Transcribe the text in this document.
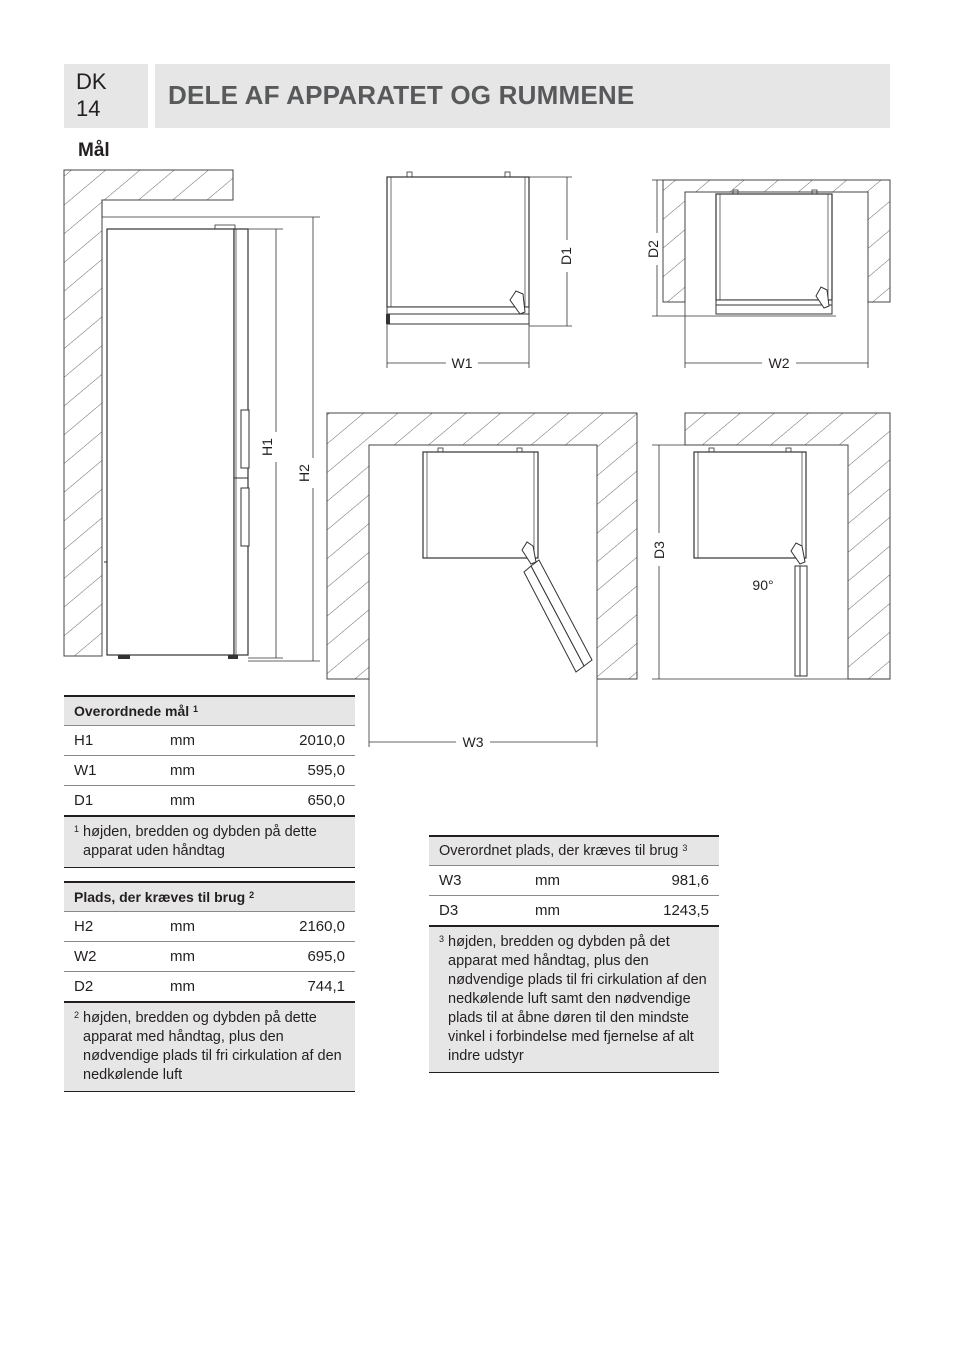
DK
14	DELE AF APPARATET OG RUMMENE
Mål
H1
H2
D1
W1
D2
W2
W3
90°
D3
Overordnede mål $^1$
H1	mm	2010,0
W1	mm	595,0
D1	mm	650,0

$^1$ højden, bredden og dybden på dette apparat uden håndtag		
Plads, der kræves til brug $^2$
H2	mm	2160,0
W2	mm	695,0
D2	mm	744,1

$^2$ højden, bredden og dybden på dette apparat med håndtag, plus den nødvendige plads til fri cirkulation af den nedkølende luft		
Overordnet plads, der kræves til brug $^3$
W3	mm	981,6
D3	mm	1243,5

$^3$ højden, bredden og dybden på det apparat med håndtag, plus den nødvendige plads til fri cirkulation af den nedkølende luft samt den nødvendige plads til at åbne døren til den mindste vinkel i forbindelse med fjernelse af alt indre udstyr		
